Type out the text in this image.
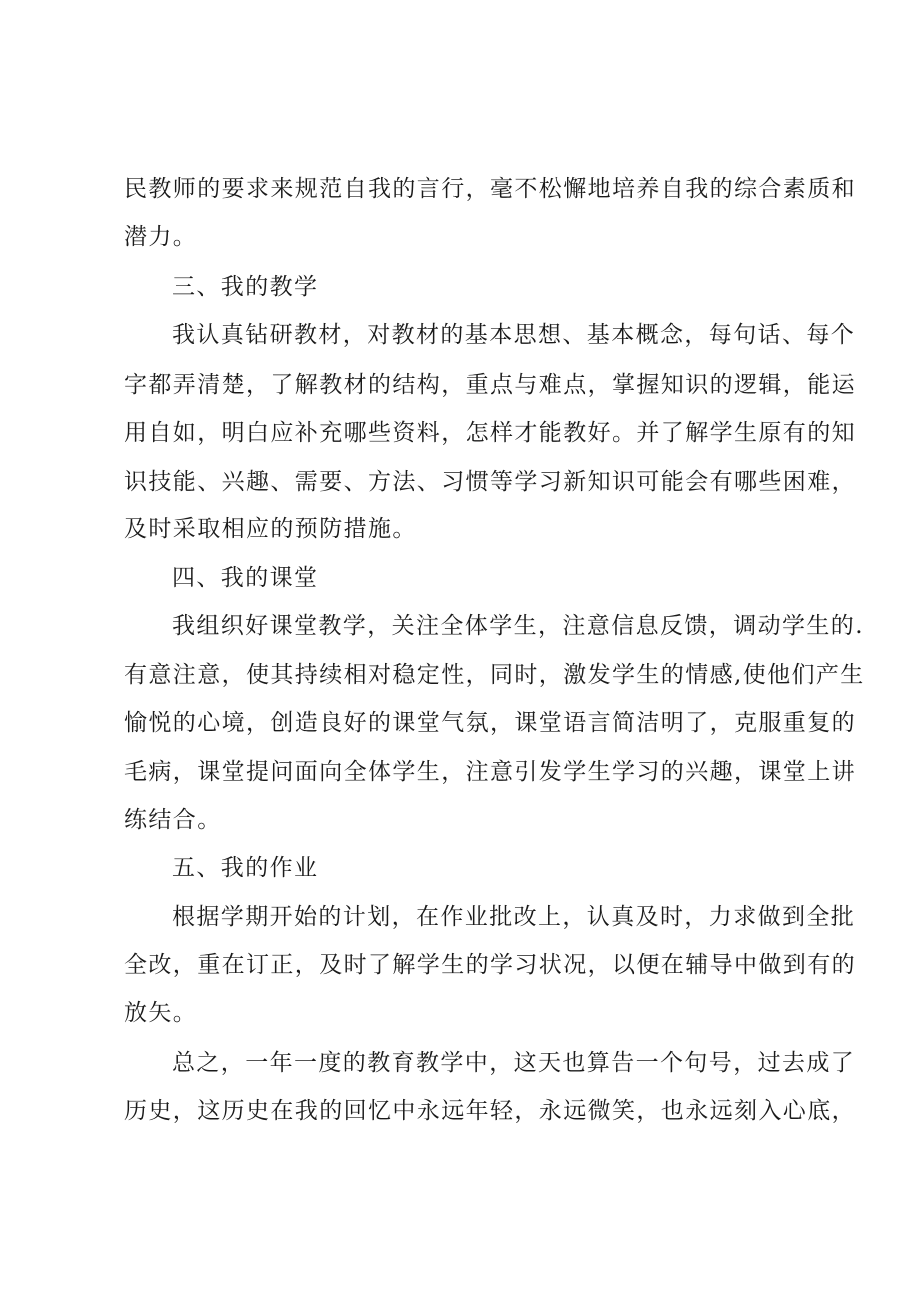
民教师的要求来规范自我的言行，毫不松懈地培养自我的综合素质和
潜力。
三、我的教学
我认真钻研教材，对教材的基本思想、基本概念，每句话、每个
字都弄清楚，了解教材的结构，重点与难点，掌握知识的逻辑，能运
用自如，明白应补充哪些资料，怎样才能教好。并了解学生原有的知
识技能、兴趣、需要、方法、习惯等学习新知识可能会有哪些困难，
及时采取相应的预防措施。
四、我的课堂
我组织好课堂教学，关注全体学生，注意信息反馈，调动学生的.
有意注意，使其持续相对稳定性，同时，激发学生的情感,使他们产生
愉悦的心境，创造良好的课堂气氛，课堂语言简洁明了，克服重复的
毛病，课堂提问面向全体学生，注意引发学生学习的兴趣，课堂上讲
练结合。
五、我的作业
根据学期开始的计划，在作业批改上，认真及时，力求做到全批
全改，重在订正，及时了解学生的学习状况，以便在辅导中做到有的
放矢。
总之，一年一度的教育教学中，这天也算告一个句号，过去成了
历史，这历史在我的回忆中永远年轻，永远微笑，也永远刻入心底，
